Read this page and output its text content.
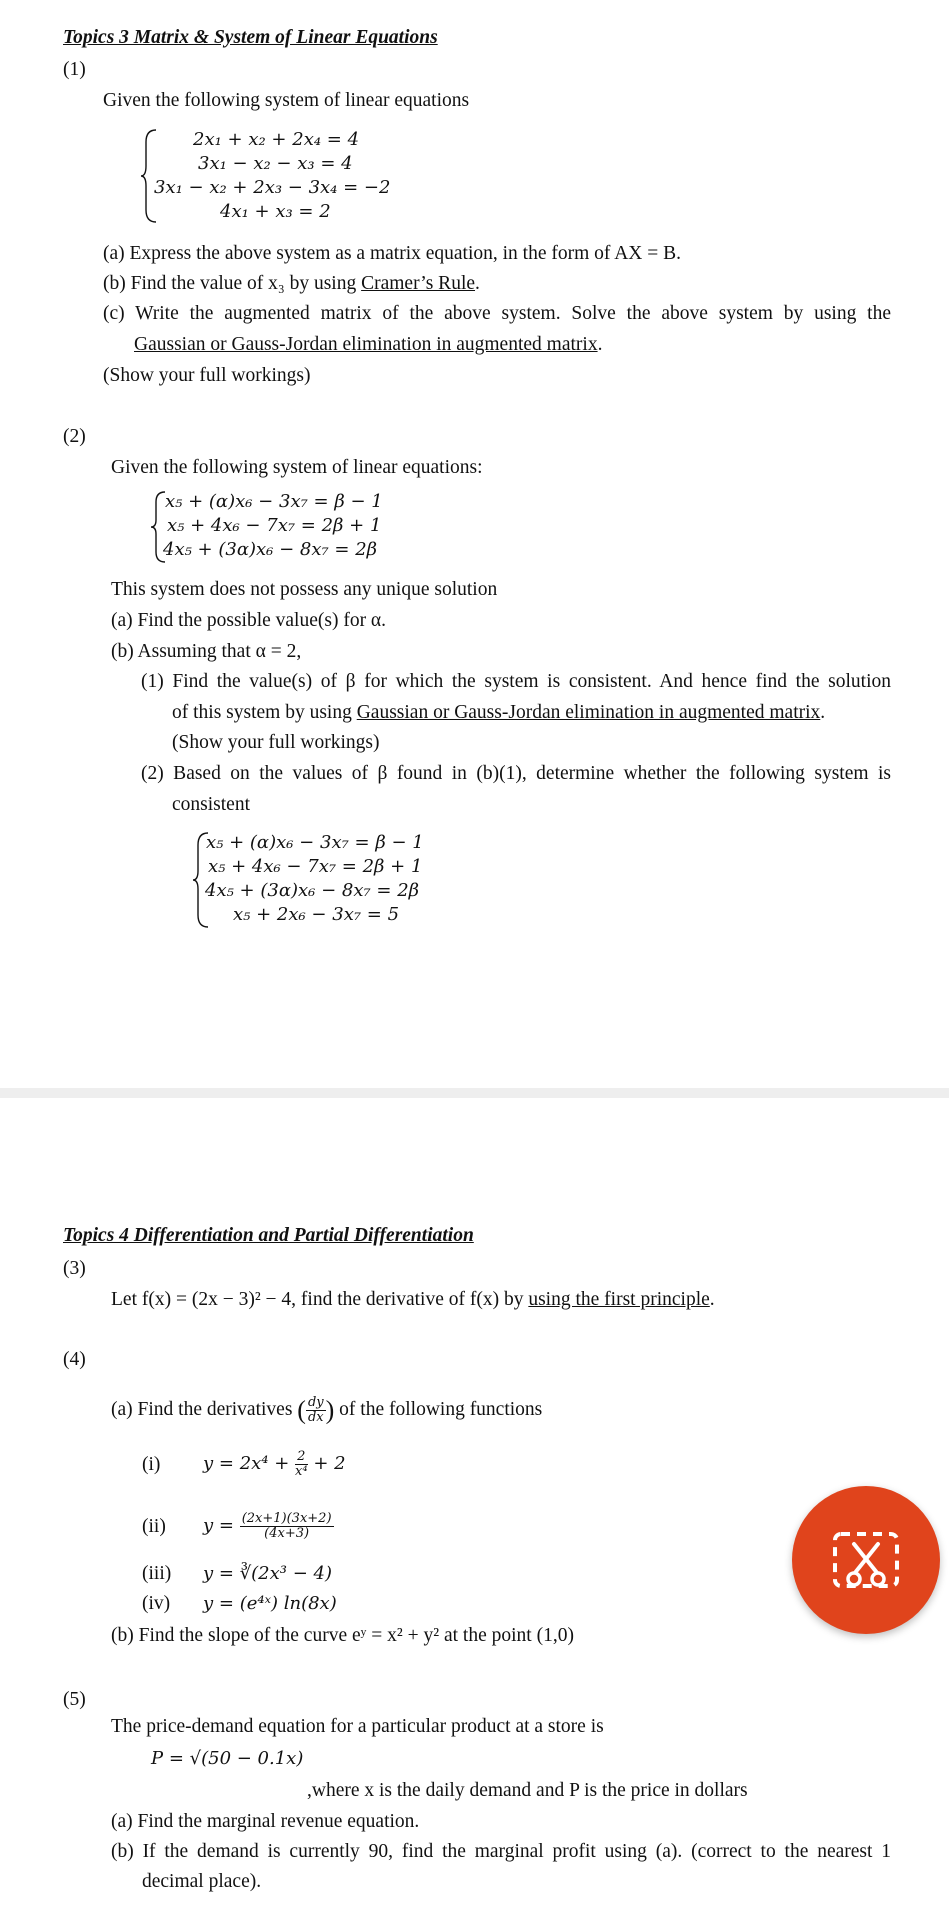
Topics 3 Matrix & System of Linear Equations
(1)
Given the following system of linear equations
2x₁ + x₂ + 2x₄ = 4
3x₁ − x₂ − x₃ = 4
3x₁ − x₂ + 2x₃ − 3x₄ = −2
4x₁ + x₃ = 2
(a) Express the above system as a matrix equation, in the form of AX = B.
(b) Find the value of x₃ by using Cramer’s Rule.
(c) Write the augmented matrix of the above system. Solve the above system by using the
Gaussian or Gauss-Jordan elimination in augmented matrix.
(Show your full workings)
(2)
Given the following system of linear equations:
x₅ + (α)x₆ − 3x₇ = β − 1
x₅ + 4x₆ − 7x₇ = 2β + 1
4x₅ + (3α)x₆ − 8x₇ = 2β
This system does not possess any unique solution
(a) Find the possible value(s) for α.
(b) Assuming that α = 2,
(1) Find the value(s) of β for which the system is consistent. And hence find the solution
of this system by using Gaussian or Gauss-Jordan elimination in augmented matrix.
(Show your full workings)
(2) Based on the values of β found in (b)(1), determine whether the following system is
consistent
x₅ + (α)x₆ − 3x₇ = β − 1
x₅ + 4x₆ − 7x₇ = 2β + 1
4x₅ + (3α)x₆ − 8x₇ = 2β
x₅ + 2x₆ − 3x₇ = 5
Topics 4 Differentiation and Partial Differentiation
(3)
Let f(x) = (2x − 3)² − 4, find the derivative of f(x) by using the first principle.
(4)
(a) Find the derivatives ( $\frac{dy}{dx}$ ) of the following functions
(i) $y = 2x^4 + \frac{2}{\text{x⁴}} + 2$
(ii) $y = \frac{(2x+1)(3x+2)}{(4x+3)}$
(iii) y = ∛(2x³ − 4)
(iv) y = (e⁴ˣ) ln(8x)
(b) Find the slope of the curve eʸ = x² + y² at the point (1,0)
(5)
The price-demand equation for a particular product at a store is
P = √(50 − 0.1x)
,where x is the daily demand and P is the price in dollars
(a) Find the marginal revenue equation.
(b) If the demand is currently 90, find the marginal profit using (a). (correct to the nearest 1
decimal place).
